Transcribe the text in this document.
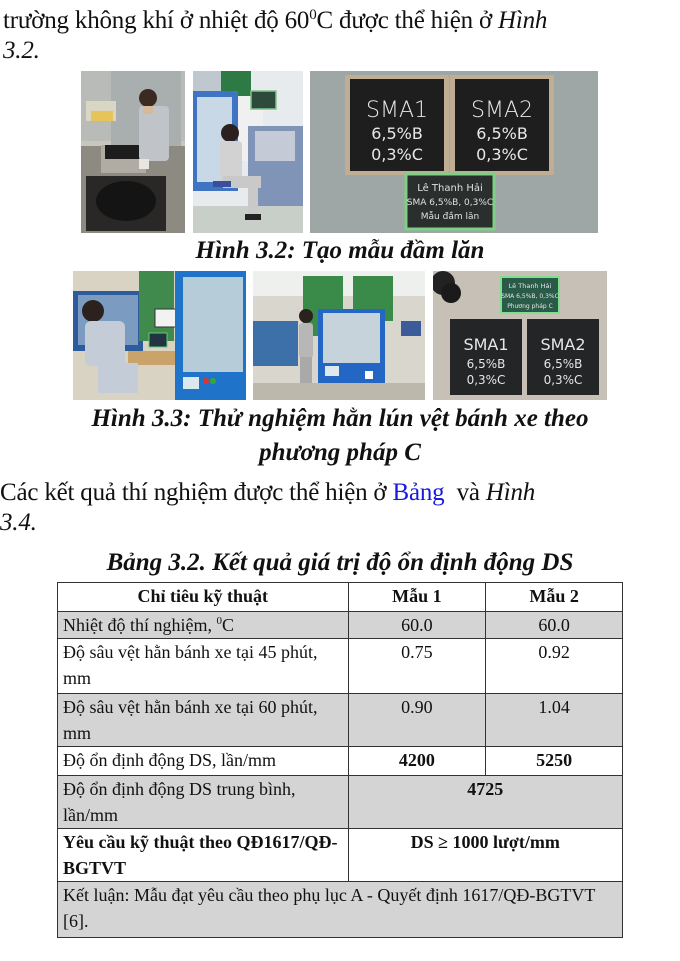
trường không khí ở nhiệt độ $60^0C$ được thể hiện ở Hình
3.2.
SMA1
6,5%B
0,3%C
SMA2
6,5%B
0,3%C
Lê Thanh Hải
SMA 6,5%B, 0,3%C
Mẫu đầm lăn
Hình 3.2: Tạo mẫu đầm lăn
Lê Thanh Hải
SMA 6,5%B, 0,3%C
Phương pháp C
SMA1
6,5%B
0,3%C
SMA2
6,5%B
0,3%C
Hình 3.3: Thử nghiệm hằn lún vệt bánh xe theo
phương pháp C
Các kết quả thí nghiệm được thể hiện ở Bảng  và Hình
3.4.
Bảng 3.2. Kết quả giá trị độ ổn định động DS
Chỉ tiêu kỹ thuật	Mẫu 1	Mẫu 2
Nhiệt độ thí nghiệm, $^0$C	60.0	60.0
Độ sâu vệt hằn bánh xe tại 45 phút, mm	0.75	0.92
Độ sâu vệt hằn bánh xe tại 60 phút, mm	0.90	1.04
Độ ổn định động DS, lần/mm	4200	5250
Độ ổn định động DS trung bình, lần/mm	4725	
Yêu cầu kỹ thuật theo QĐ1617/QĐ-BGTVT	DS ≥ 1000 lượt/mm	
Kết luận: Mẫu đạt yêu cầu theo phụ lục A - Quyết định 1617/QĐ-BGTVT [6].		
